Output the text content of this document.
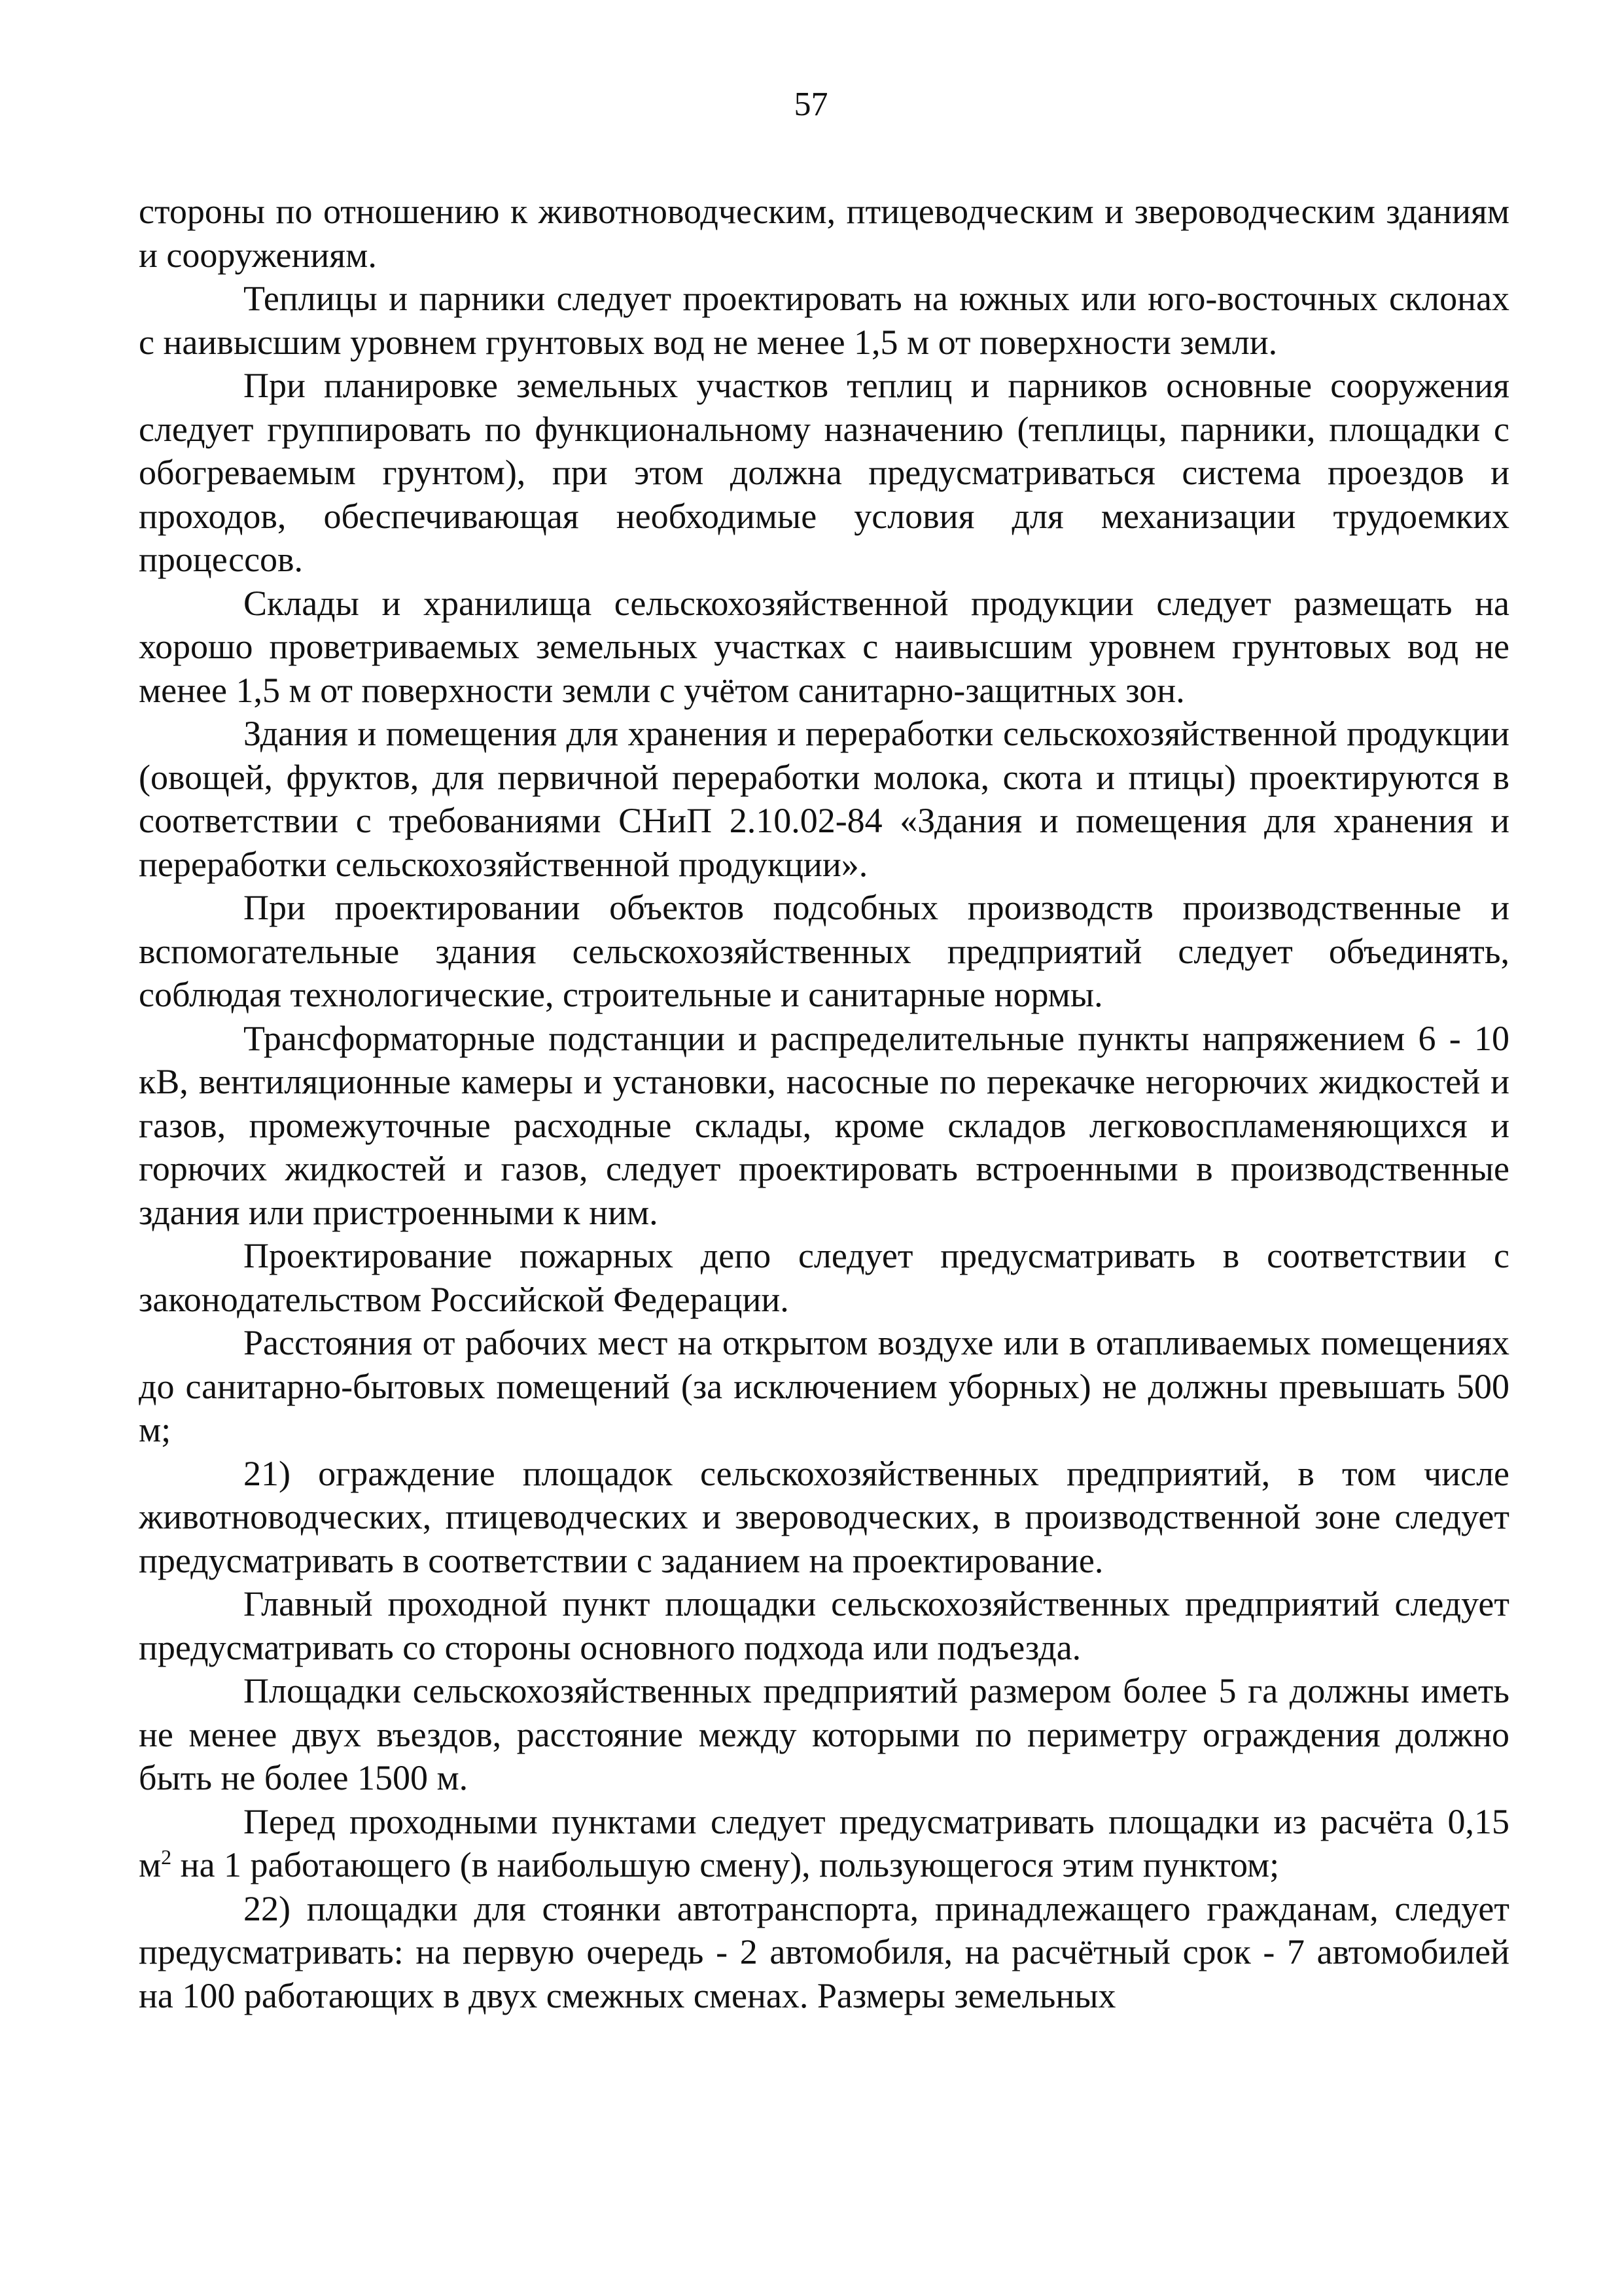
57

стороны по отношению к животноводческим, птицеводческим и звероводческим зданиям и сооружениям.

Теплицы и парники следует проектировать на южных или юго-восточных склонах с наивысшим уровнем грунтовых вод не менее 1,5 м от поверхности земли.

При планировке земельных участков теплиц и парников основные сооружения следует группировать по функциональному назначению (теплицы, парники, площадки с обогреваемым грунтом), при этом должна предусматриваться система проездов и проходов, обеспечивающая необходимые условия для механизации трудоемких процессов.

Склады и хранилища сельскохозяйственной продукции следует размещать на хорошо проветриваемых земельных участках с наивысшим уровнем грунтовых вод не менее 1,5 м от поверхности земли с учётом санитарно-защитных зон.

Здания и помещения для хранения и переработки сельскохозяйственной продукции (овощей, фруктов, для первичной переработки молока, скота и птицы) проектируются в соответствии с требованиями СНиП 2.10.02-84 «Здания и помещения для хранения и переработки сельскохозяйственной продукции».

При проектировании объектов подсобных производств производственные и вспомогательные здания сельскохозяйственных предприятий следует объединять, соблюдая технологические, строительные и санитарные нормы.

Трансформаторные подстанции и распределительные пункты напряжением 6 - 10 кВ, вентиляционные камеры и установки, насосные по перекачке негорючих жидкостей и газов, промежуточные расходные склады, кроме складов легковоспламеняющихся и горючих жидкостей и газов, следует проектировать встроенными в производственные здания или пристроенными к ним.

Проектирование пожарных депо следует предусматривать в соответствии с законодательством Российской Федерации.

Расстояния от рабочих мест на открытом воздухе или в отапливаемых помещениях до санитарно-бытовых помещений (за исключением уборных) не должны превышать 500 м;

21) ограждение площадок сельскохозяйственных предприятий, в том числе животноводческих, птицеводческих и звероводческих, в производственной зоне следует предусматривать в соответствии с заданием на проектирование.

Главный проходной пункт площадки сельскохозяйственных предприятий следует предусматривать со стороны основного подхода или подъезда.

Площадки сельскохозяйственных предприятий размером более 5 га должны иметь не менее двух въездов, расстояние между которыми по периметру ограждения должно быть не более 1500 м.

Перед проходными пунктами следует предусматривать площадки из расчёта 0,15 $м^2$ на 1 работающего (в наибольшую смену), пользующегося этим пунктом;

22) площадки для стоянки автотранспорта, принадлежащего гражданам, следует предусматривать: на первую очередь - 2 автомобиля, на расчётный срок - 7 автомобилей на 100 работающих в двух смежных сменах. Размеры земельных
